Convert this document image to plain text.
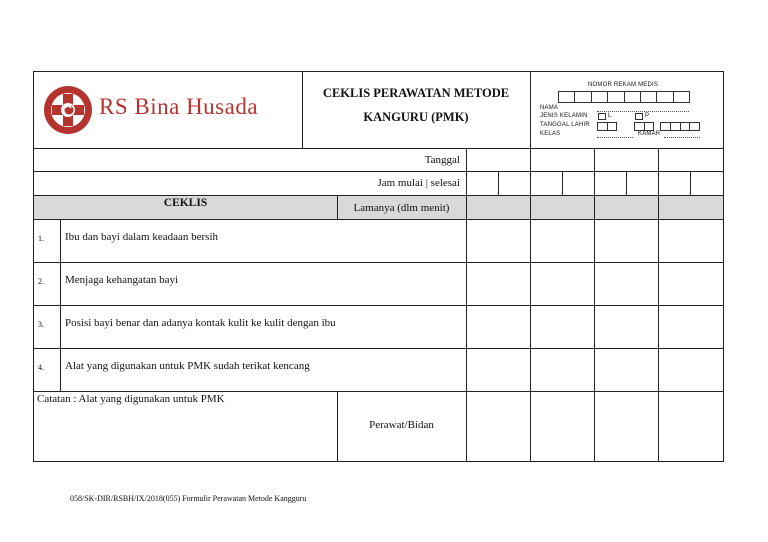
RS Bina Husada
CEKLIS PERAWATAN METODE
KANGURU (PMK)
NOMOR REKAM MEDIS
NAMA
JENIS KELAMIN	L	P
TANGGAL LAHIR
KELAS	KAMAR
Tanggal
Jam mulai | selesai
CEKLIS	Lamanya (dlm menit)
1. Ibu dan bayi dalam keadaan bersih
2. Menjaga kehangatan bayi
3. Posisi bayi benar dan adanya kontak kulit ke kulit dengan ibu
4. Alat yang digunakan untuk PMK sudah terikat kencang
Catatan : Alat yang digunakan untuk PMK
Perawat/Bidan
058/SK-DIR/RSBH/IX/2018(055) Formulir Perawatan Metode Kangguru
